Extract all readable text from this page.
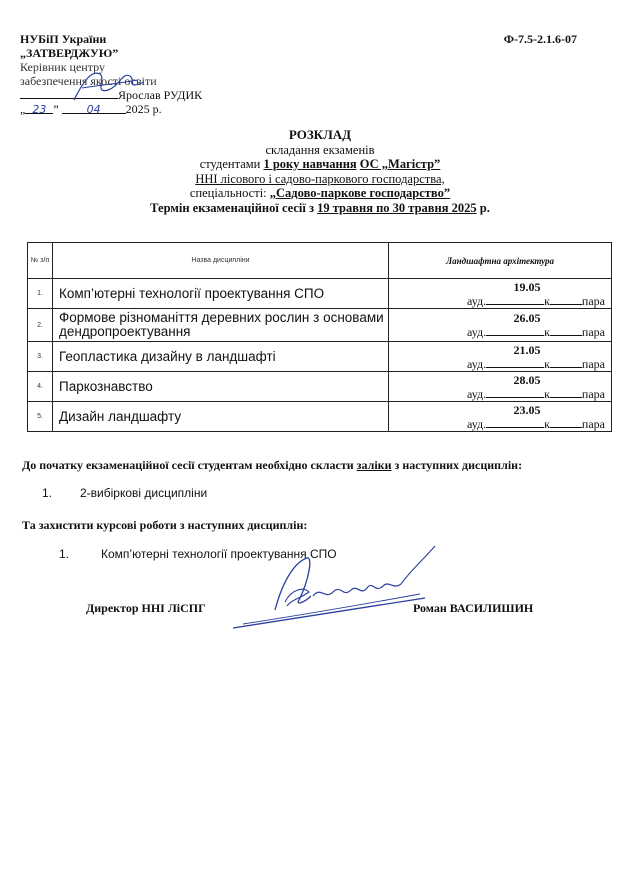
НУБіП України
„ЗАТВЕРДЖУЮ”
Керівник центру
забезпечення якості освіти
Ярослав РУДИК
„ 23 ” 04 2025 р.
Ф-7.5-2.1.6-07
РОЗКЛАД
складання екзаменів
студентами 1 року навчання ОС „Магістр”
ННІ лісового і садово-паркового господарства,
спеціальності: „Садово-паркове господарство”
Термін екзаменаційної сесії з 19 травня по 30 травня 2025 р.
№ з/п	Назва дисципліни	Ландшафтна архітектура
1.	Комп’ютерні технології проектування СПО	19.05
ауд. к пара

2.	Формове різноманіття деревних рослин з основами дендропроектування	26.05
ауд. к пара

3.	Геопластика дизайну в ландшафті	21.05
ауд. к пара

4.	Паркознавство	28.05
ауд. к пара

5.	Дизайн ландшафту	23.05
ауд. к пара
До початку екзаменаційної сесії студентам необхідно скласти заліки з наступних дисциплін:
1. 2-вибіркові дисципліни
Та захистити курсові роботи з наступних дисциплін:
1.	Комп’ютерні технології проектування СПО
Директор ННІ ЛіСПГ	Роман ВАСИЛИШИН
